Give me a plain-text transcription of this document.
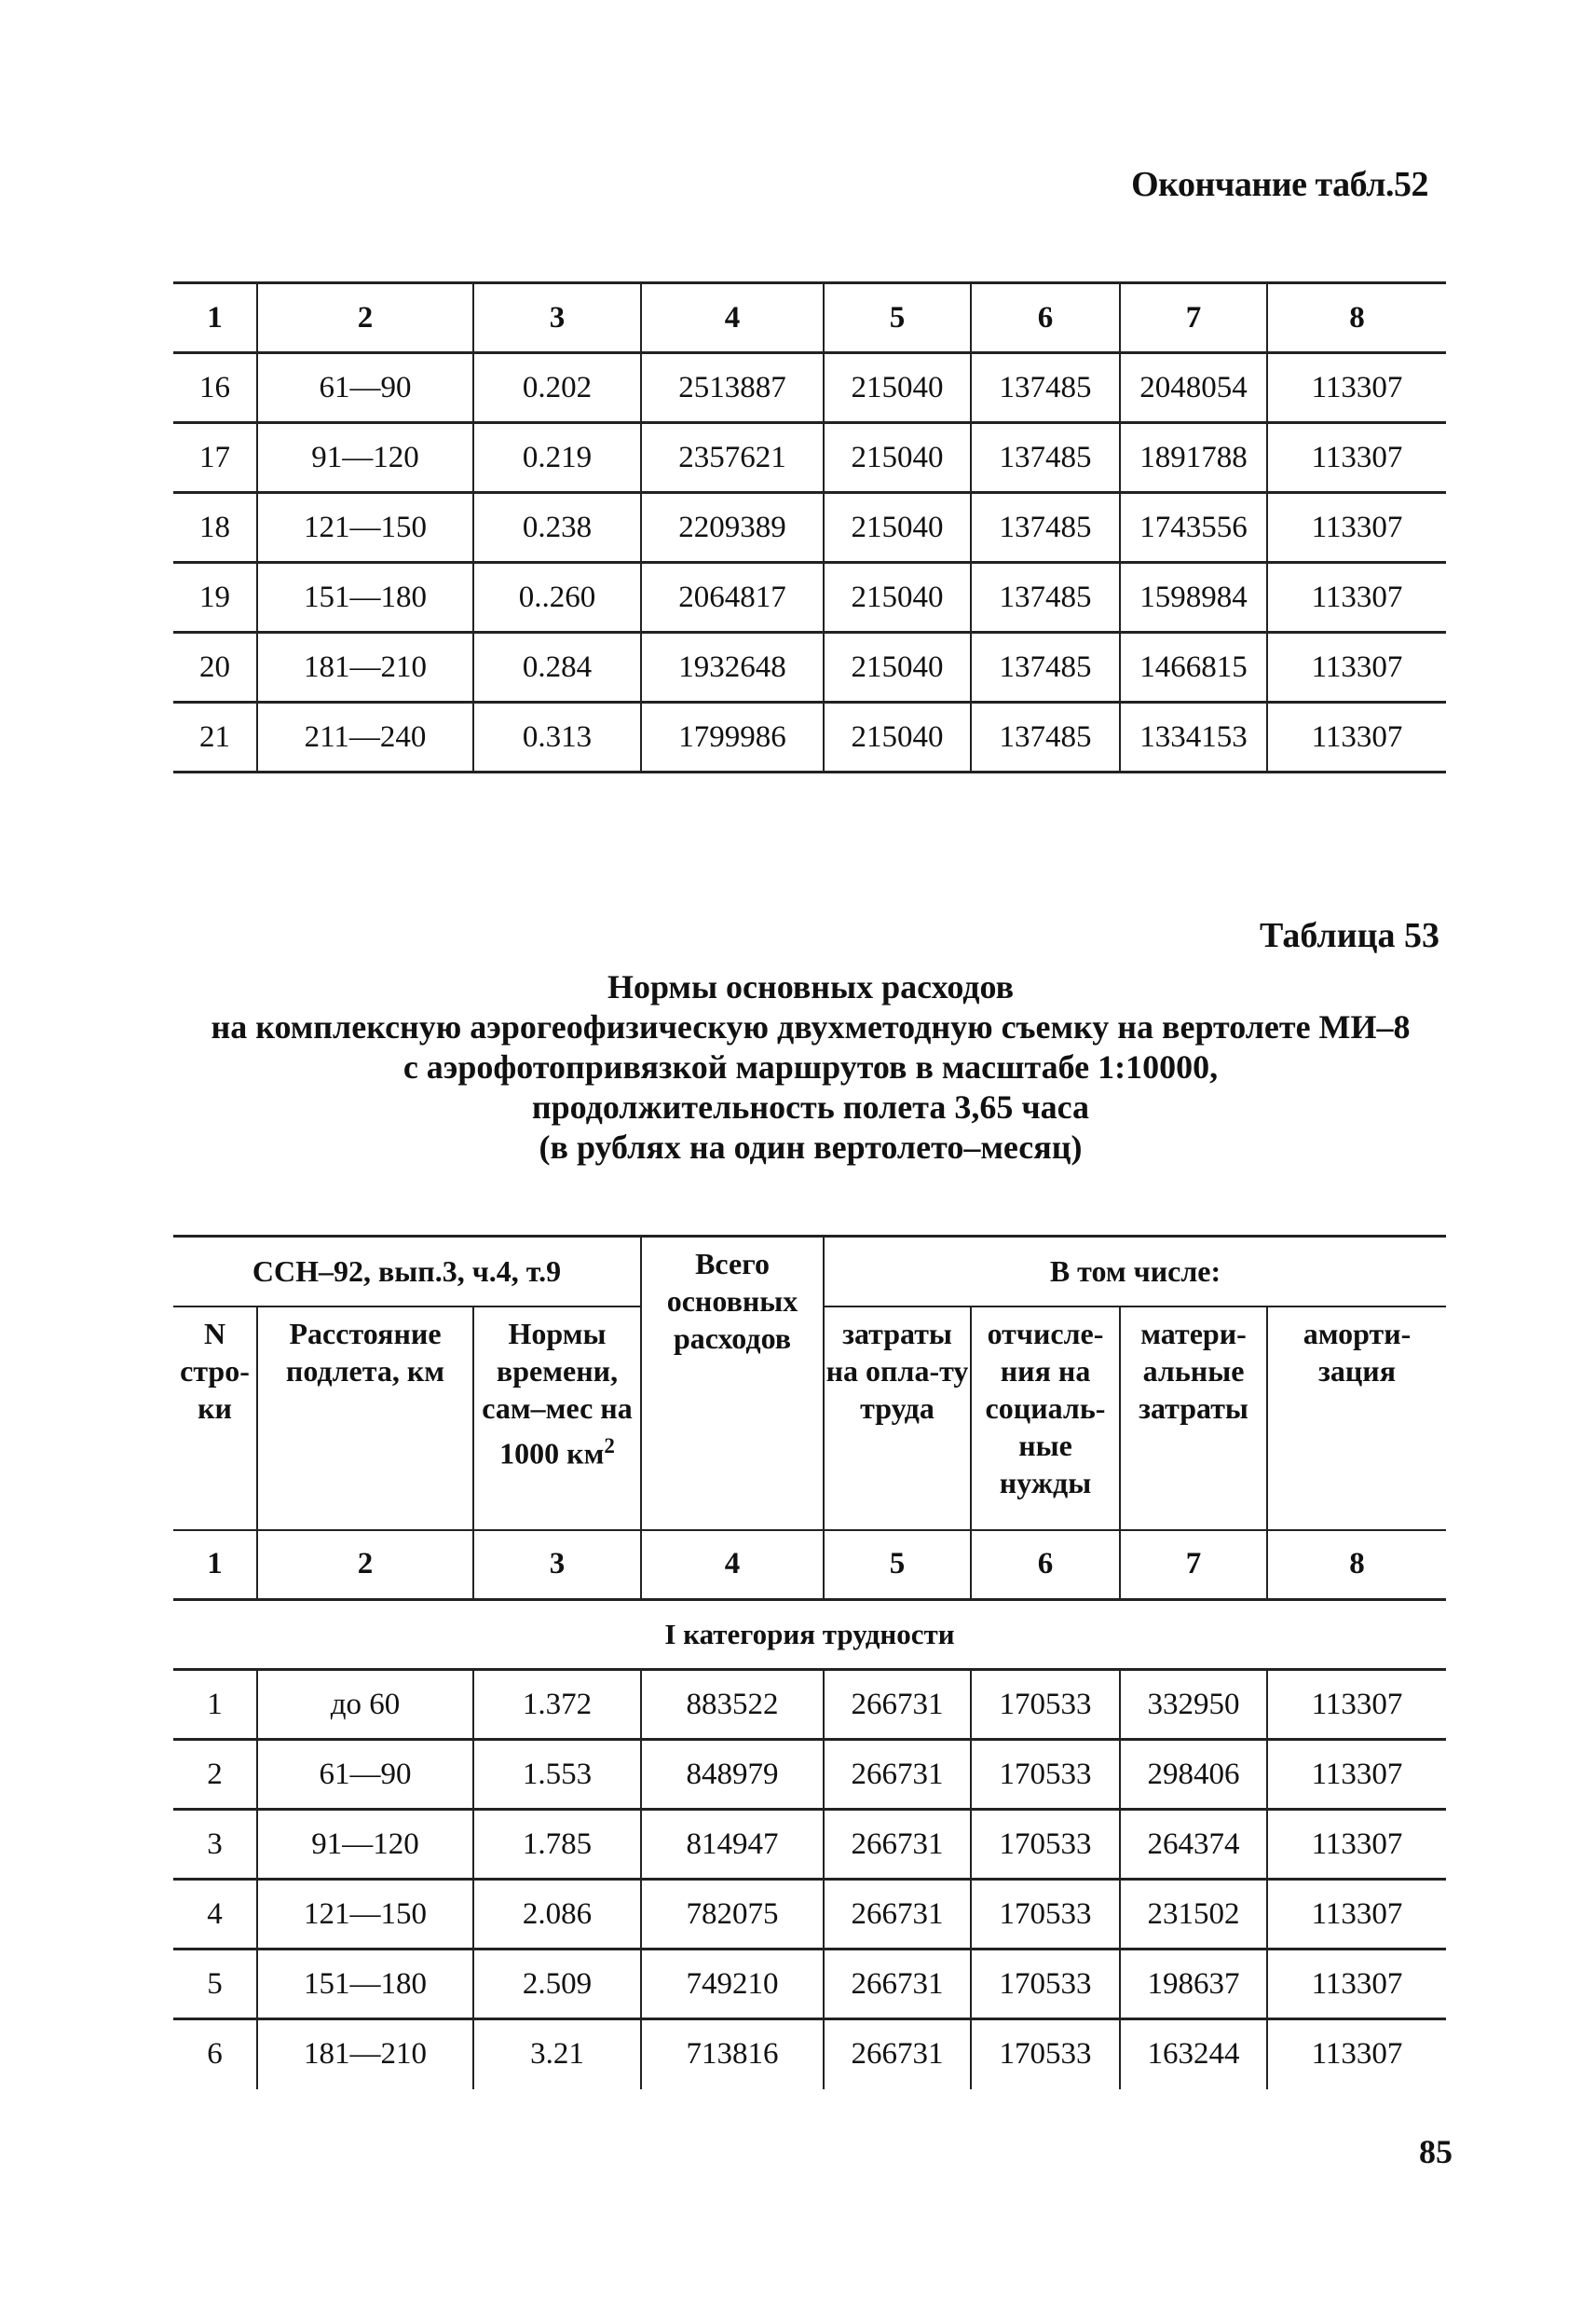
Окончание табл.52
1	2	3	4	5	6	7	8
16	61—90	0.202	2513887	215040	137485	2048054	113307
17	91—120	0.219	2357621	215040	137485	1891788	113307
18	121—150	0.238	2209389	215040	137485	1743556	113307
19	151—180	0..260	2064817	215040	137485	1598984	113307
20	181—210	0.284	1932648	215040	137485	1466815	113307
21	211—240	0.313	1799986	215040	137485	1334153	113307
Таблица 53
Нормы основных расходов
на комплексную аэрогеофизическую двухметодную съемку на вертолете МИ–8
с аэрофотопривязкой маршрутов в масштабе 1:10000,
продолжительность полета 3,65 часа
(в рублях на один вертолето–месяц)
ССН–92, вып.3, ч.4, т.9			Всего основных расходов	В том числе:			
N стро-ки	Расстояние подлета, км	Нормы времени, сам–мес на 1000 $км^2$		затраты на опла-ту труда	отчисле-ния на социаль-ные нужды	матери-альные затраты	аморти-зация
1	2	3	4	5	6	7	8
I категория трудности							
1	до 60	1.372	883522	266731	170533	332950	113307
2	61—90	1.553	848979	266731	170533	298406	113307
3	91—120	1.785	814947	266731	170533	264374	113307
4	121—150	2.086	782075	266731	170533	231502	113307
5	151—180	2.509	749210	266731	170533	198637	113307
6	181—210	3.21	713816	266731	170533	163244	113307
85
